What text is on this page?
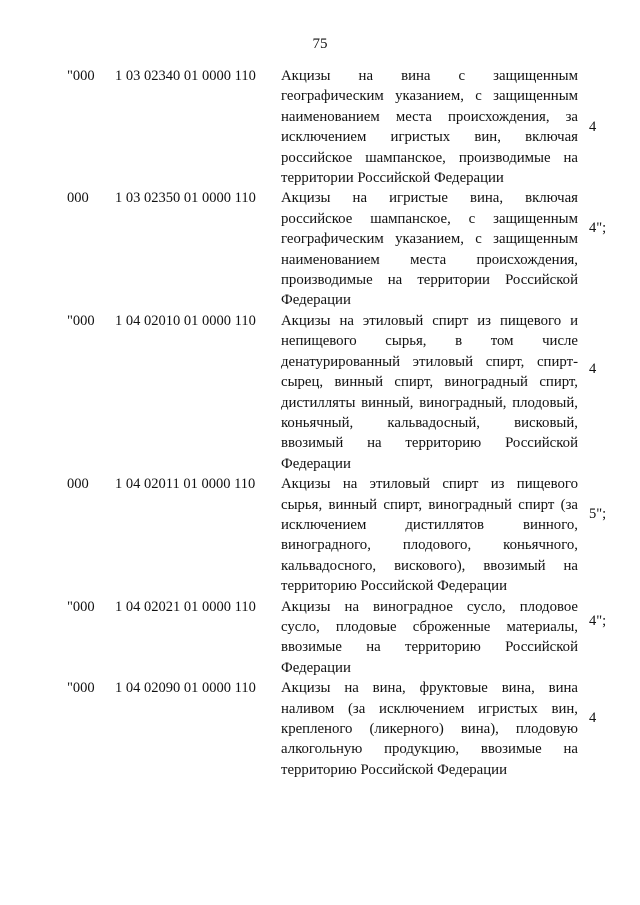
75
"000 1 03 02340 01 0000 110 Акцизы на вина с защищенным географическим указанием, с защищенным наименованием места происхождения, за исключением игристых вин, включая российское шампанское, производимые на территории Российской Федерации
4
000 1 03 02350 01 0000 110 Акцизы на игристые вина, включая российское шампанское, с защищенным географическим указанием, с защищенным наименованием места происхождения, производимые на территории Российской Федерации
4";
"000 1 04 02010 01 0000 110 Акцизы на этиловый спирт из пищевого и непищевого сырья, в том числе денатурированный этиловый спирт, спирт-сырец, винный спирт, виноградный спирт, дистилляты винный, виноградный, плодовый, коньячный, кальвадосный, висковый, ввозимый на территорию Российской Федерации
4
000 1 04 02011 01 0000 110 Акцизы на этиловый спирт из пищевого сырья, винный спирт, виноградный спирт (за исключением дистиллятов винного, виноградного, плодового, коньячного, кальвадосного, вискового), ввозимый на территорию Российской Федерации
5";
"000 1 04 02021 01 0000 110 Акцизы на виноградное сусло, плодовое сусло, плодовые сброженные материалы, ввозимые на территорию Российской Федерации
4";
"000 1 04 02090 01 0000 110 Акцизы на вина, фруктовые вина, вина наливом (за исключением игристых вин, крепленого (ликерного) вина), плодовую алкогольную продукцию, ввозимые на территорию Российской Федерации
4
